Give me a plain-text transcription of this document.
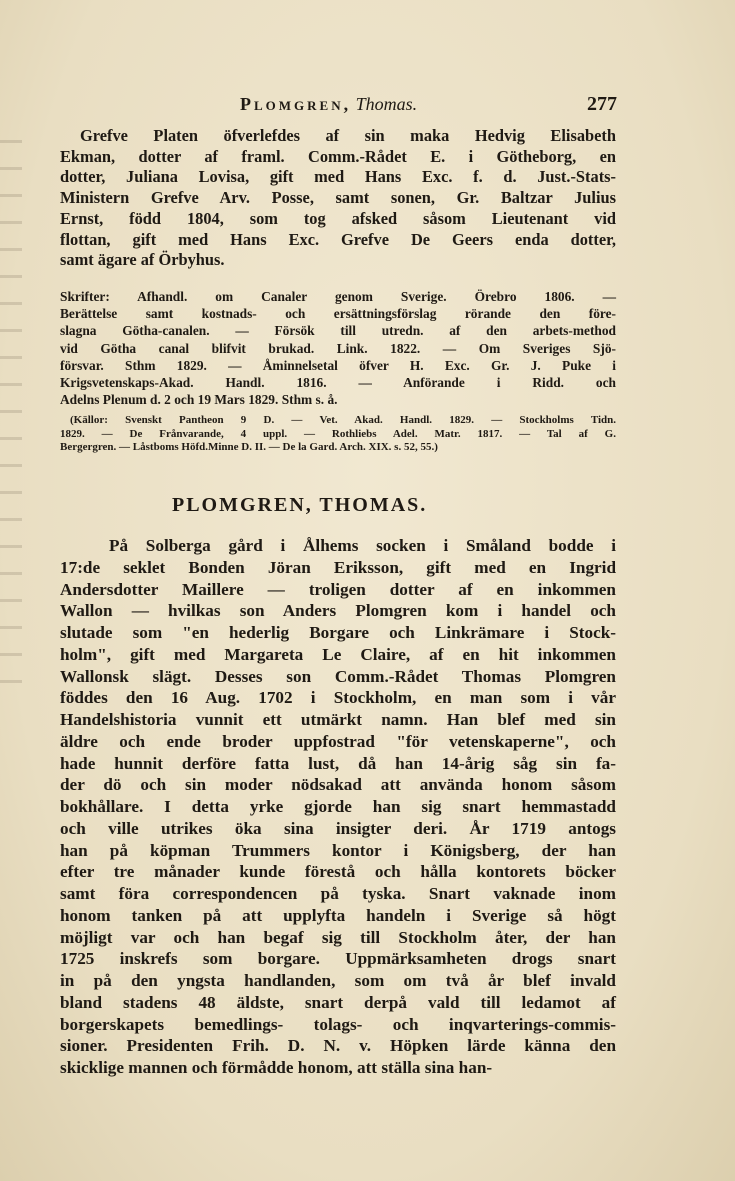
Plomgren, Thomas.	277
Grefve Platen öfverlefdes af sin maka Hedvig Elisabeth
Ekman, dotter af framl. Comm.-Rådet E. i Götheborg, en
dotter, Juliana Lovisa, gift med Hans Exc. f. d. Just.-Stats-
Ministern Grefve Arv. Posse, samt sonen, Gr. Baltzar Julius
Ernst, född 1804, som tog afsked såsom Lieutenant vid
flottan, gift med Hans Exc. Grefve De Geers enda dotter,
samt ägare af Örbyhus.
Skrifter: Afhandl. om Canaler genom Sverige. Örebro 1806. —
Berättelse samt kostnads- och ersättningsförslag rörande den före-
slagna Götha-canalen. — Försök till utredn. af den arbets-method
vid Götha canal blifvit brukad. Link. 1822. — Om Sveriges Sjö-
försvar. Sthm 1829. — Åminnelsetal öfver H. Exc. Gr. J. Puke i
Krigsvetenskaps-Akad. Handl. 1816. — Anförande i Ridd. och
Adelns Plenum d. 2 och 19 Mars 1829. Sthm s. å.
(Källor: Svenskt Pantheon 9 D. — Vet. Akad. Handl. 1829. — Stockholms Tidn.
1829. — De Frånvarande, 4 uppl. — Rothliebs Adel. Matr. 1817. — Tal af G.
Bergergren. — Låstboms Höfd.Minne D. II. — De la Gard. Arch. XIX. s. 52, 55.)
PLOMGREN, THOMAS.
På Solberga gård i Ålhems socken i Småland bodde i
17:de seklet Bonden Jöran Eriksson, gift med en Ingrid
Andersdotter Maillere — troligen dotter af en inkommen
Wallon — hvilkas son Anders Plomgren kom i handel och
slutade som "en hederlig Borgare och Linkrämare i Stock-
holm", gift med Margareta Le Claire, af en hit inkommen
Wallonsk slägt. Desses son Comm.-Rådet Thomas Plomgren
föddes den 16 Aug. 1702 i Stockholm, en man som i vår
Handelshistoria vunnit ett utmärkt namn. Han blef med sin
äldre och ende broder uppfostrad "för vetenskaperne", och
hade hunnit derföre fatta lust, då han 14-årig såg sin fa-
der dö och sin moder nödsakad att använda honom såsom
bokhållare. I detta yrke gjorde han sig snart hemmastadd
och ville utrikes öka sina insigter deri. År 1719 antogs
han på köpman Trummers kontor i Königsberg, der han
efter tre månader kunde förestå och hålla kontorets böcker
samt föra correspondencen på tyska. Snart vaknade inom
honom tanken på att upplyfta handeln i Sverige så högt
möjligt var och han begaf sig till Stockholm åter, der han
1725 inskrefs som borgare. Uppmärksamheten drogs snart
in på den yngsta handlanden, som om två år blef invald
bland stadens 48 äldste, snart derpå vald till ledamot af
borgerskapets bemedlings- tolags- och inqvarterings-commis-
sioner. Presidenten Frih. D. N. v. Höpken lärde känna den
skicklige mannen och förmådde honom, att ställa sina han-
